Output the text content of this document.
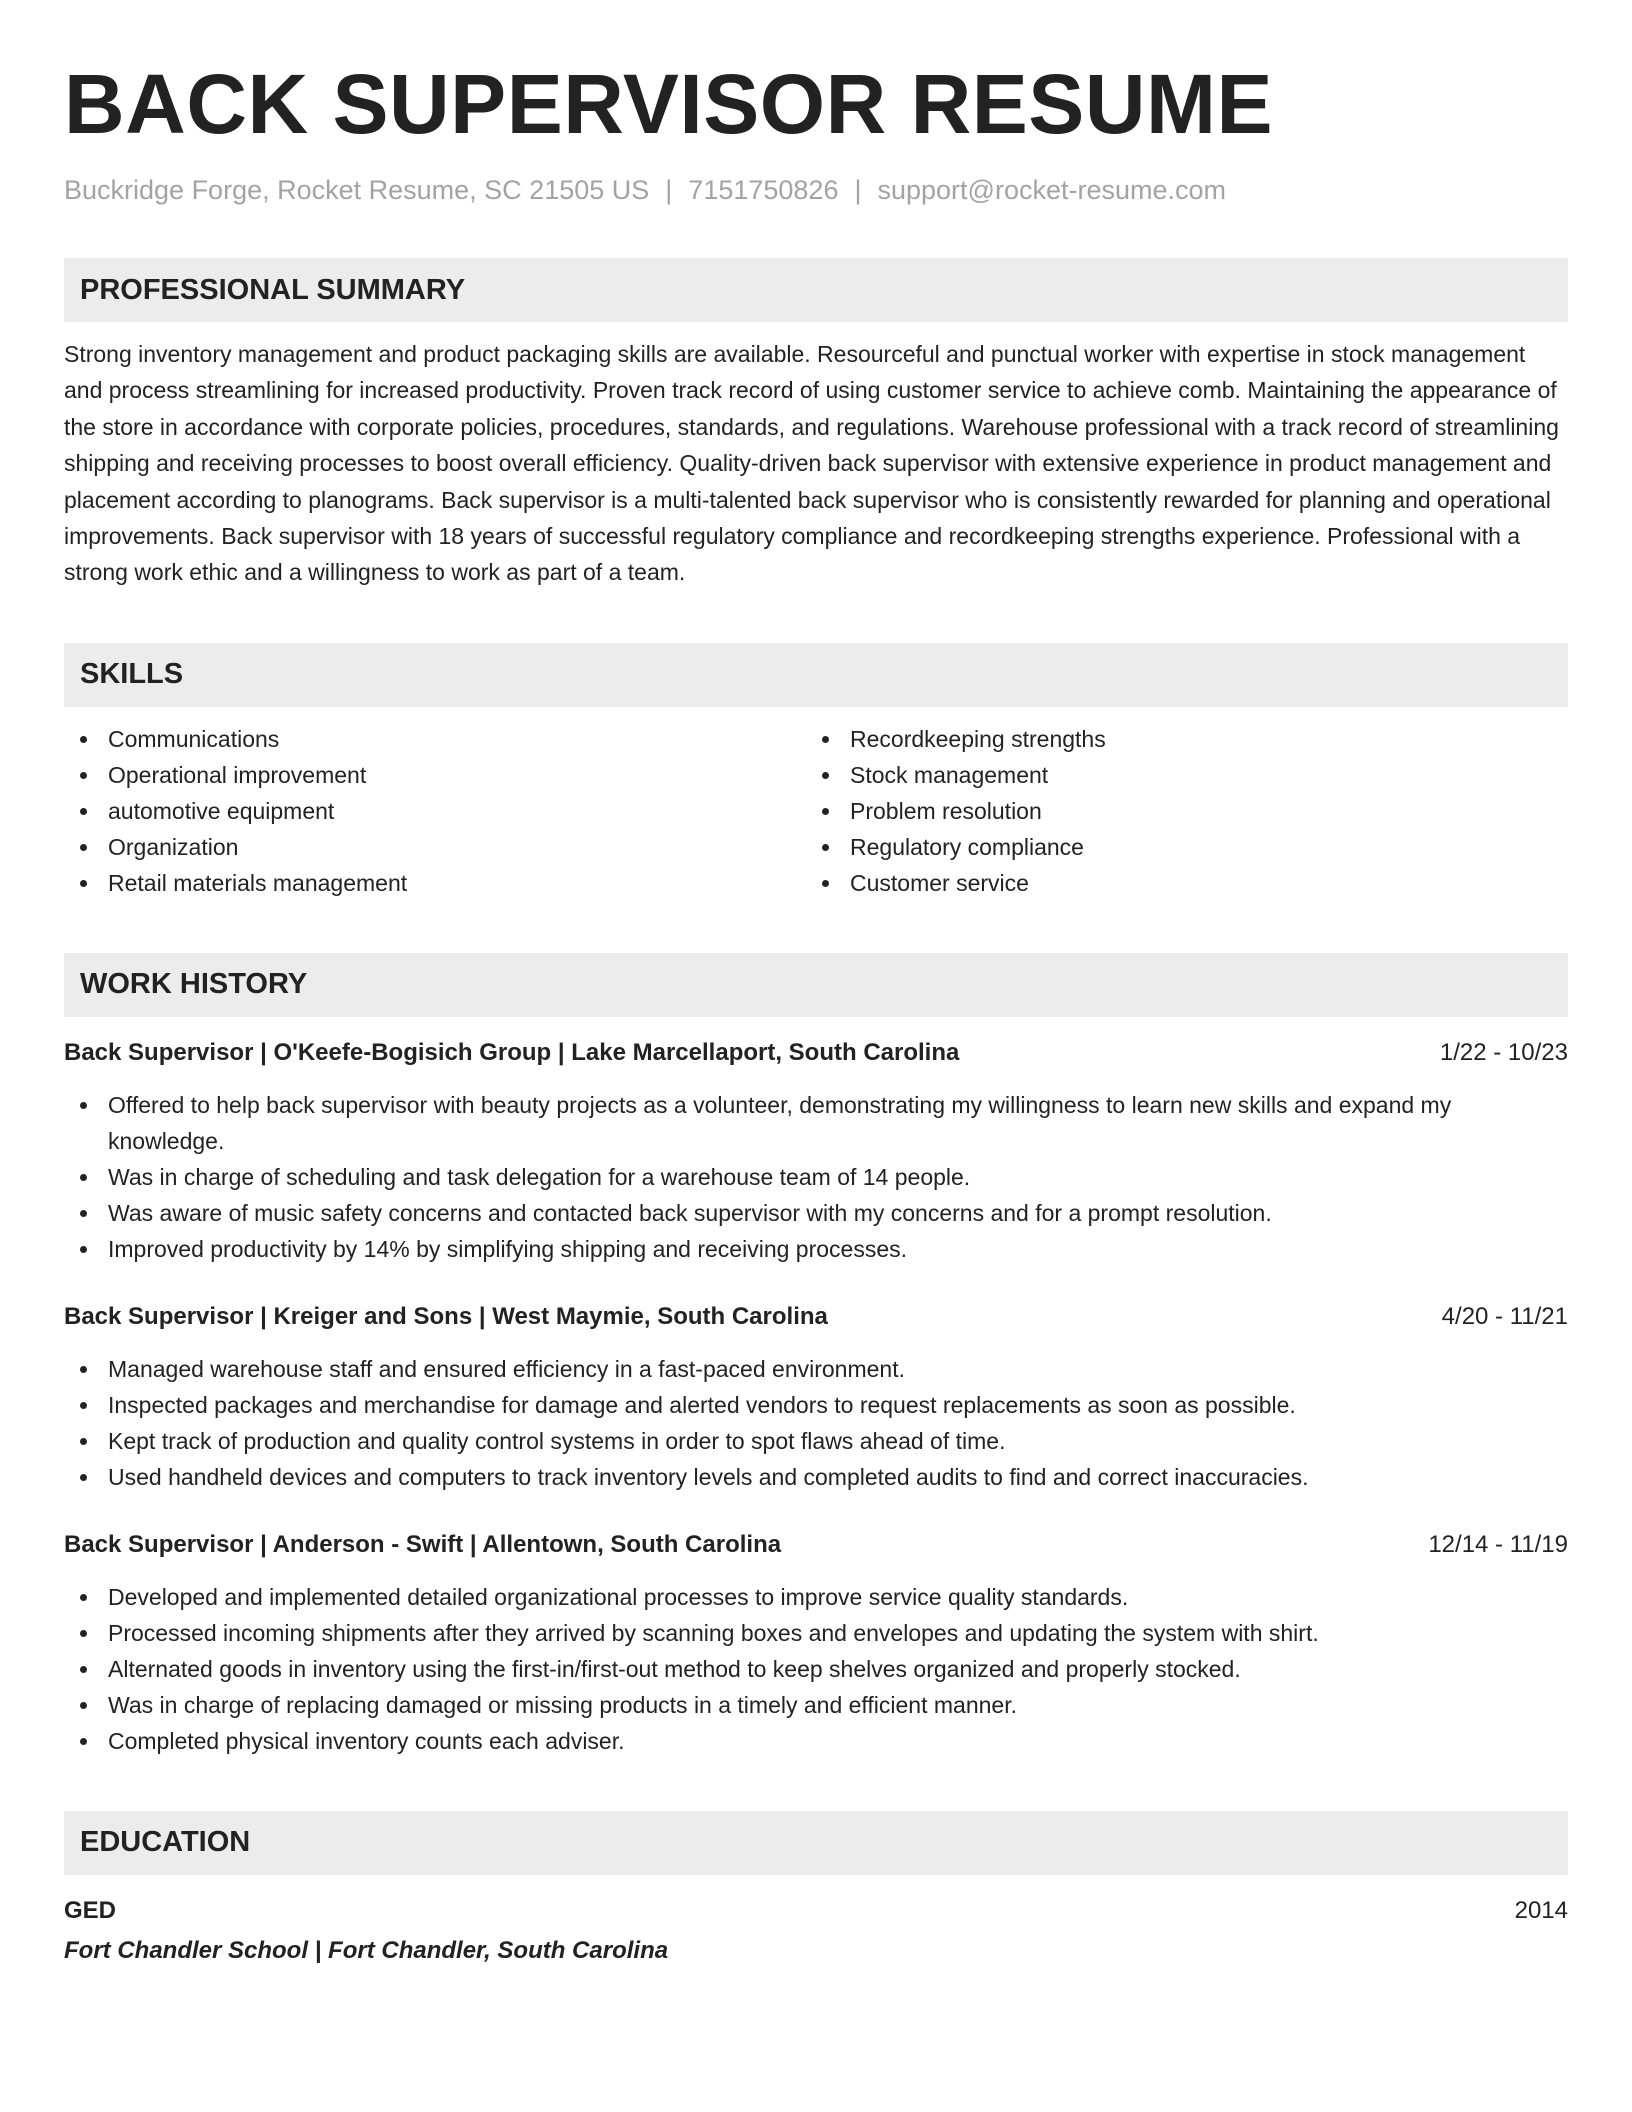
BACK SUPERVISOR RESUME
Buckridge Forge, Rocket Resume, SC 21505 US | 7151750826 | support@rocket-resume.com
PROFESSIONAL SUMMARY
Strong inventory management and product packaging skills are available. Resourceful and punctual worker with expertise in stock management and process streamlining for increased productivity. Proven track record of using customer service to achieve comb. Maintaining the appearance of the store in accordance with corporate policies, procedures, standards, and regulations. Warehouse professional with a track record of streamlining shipping and receiving processes to boost overall efficiency. Quality-driven back supervisor with extensive experience in product management and placement according to planograms. Back supervisor is a multi-talented back supervisor who is consistently rewarded for planning and operational improvements. Back supervisor with 18 years of successful regulatory compliance and recordkeeping strengths experience. Professional with a strong work ethic and a willingness to work as part of a team.
SKILLS
Communications
Operational improvement
automotive equipment
Organization
Retail materials management
Recordkeeping strengths
Stock management
Problem resolution
Regulatory compliance
Customer service
WORK HISTORY
Back Supervisor | O'Keefe-Bogisich Group | Lake Marcellaport, South Carolina	1/22 - 10/23
Offered to help back supervisor with beauty projects as a volunteer, demonstrating my willingness to learn new skills and expand my knowledge.
Was in charge of scheduling and task delegation for a warehouse team of 14 people.
Was aware of music safety concerns and contacted back supervisor with my concerns and for a prompt resolution.
Improved productivity by 14% by simplifying shipping and receiving processes.
Back Supervisor | Kreiger and Sons | West Maymie, South Carolina	4/20 - 11/21
Managed warehouse staff and ensured efficiency in a fast-paced environment.
Inspected packages and merchandise for damage and alerted vendors to request replacements as soon as possible.
Kept track of production and quality control systems in order to spot flaws ahead of time.
Used handheld devices and computers to track inventory levels and completed audits to find and correct inaccuracies.
Back Supervisor | Anderson - Swift | Allentown, South Carolina	12/14 - 11/19
Developed and implemented detailed organizational processes to improve service quality standards.
Processed incoming shipments after they arrived by scanning boxes and envelopes and updating the system with shirt.
Alternated goods in inventory using the first-in/first-out method to keep shelves organized and properly stocked.
Was in charge of replacing damaged or missing products in a timely and efficient manner.
Completed physical inventory counts each adviser.
EDUCATION
GED	2014
Fort Chandler School | Fort Chandler, South Carolina
